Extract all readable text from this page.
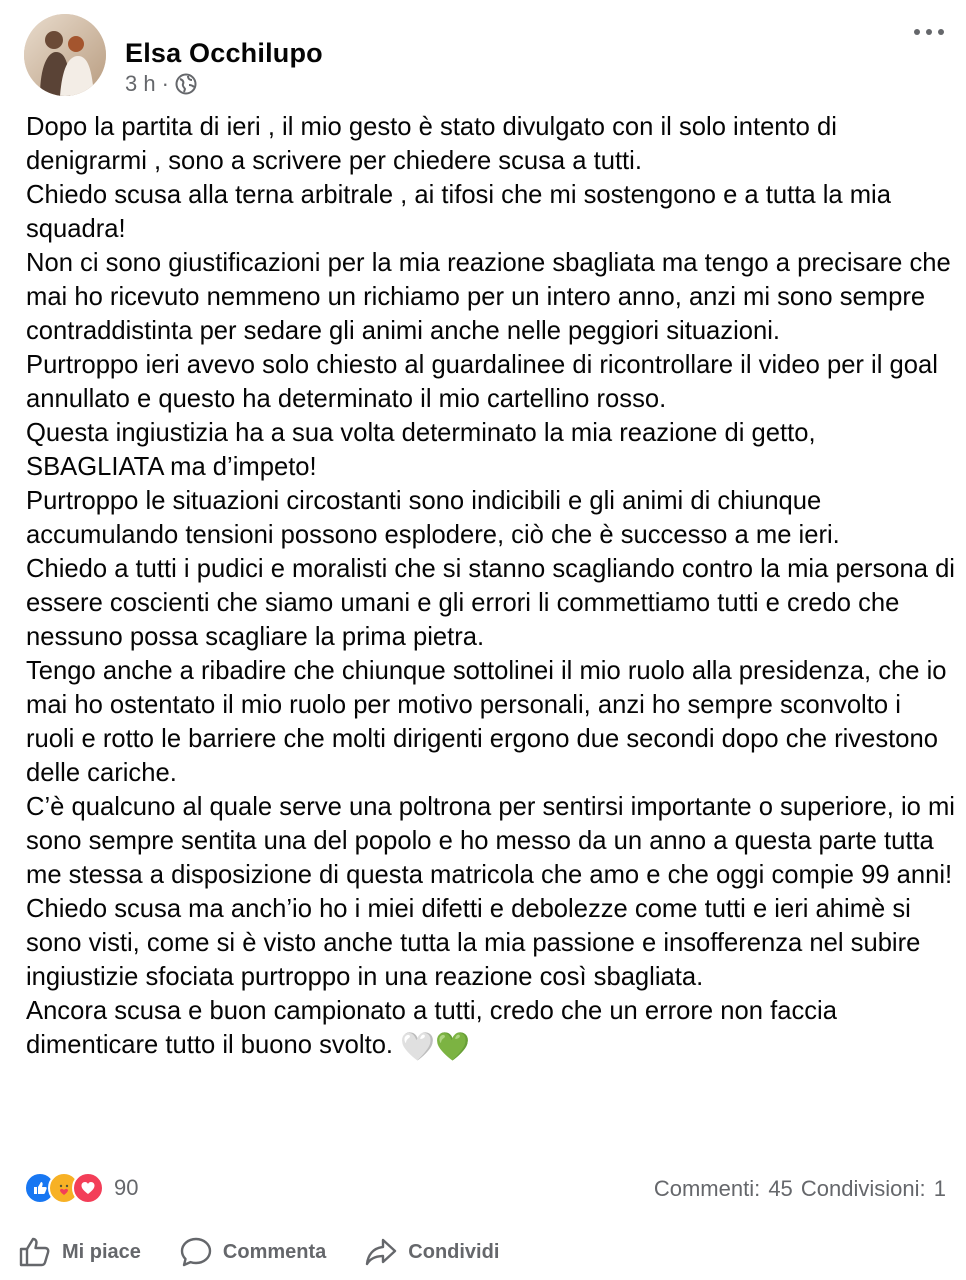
Elsa Occhilupo
3 h ·

Dopo la partita di ieri , il mio gesto è stato divulgato con il solo intento di denigrarmi , sono a scrivere per chiedere scusa a tutti.

Chiedo scusa alla terna arbitrale , ai tifosi che mi sostengono e a tutta la mia squadra!

Non ci sono giustificazioni per la mia reazione sbagliata ma tengo a precisare che mai ho ricevuto nemmeno un richiamo per un intero anno, anzi mi sono sempre contraddistinta per sedare gli animi anche nelle peggiori situazioni.

Purtroppo ieri avevo solo chiesto al guardalinee di ricontrollare il video per il goal annullato e questo ha determinato il mio cartellino rosso.

Questa ingiustizia ha a sua volta determinato la mia reazione di getto, SBAGLIATA ma d’impeto!

Purtroppo le situazioni circostanti sono indicibili e gli animi di chiunque accumulando tensioni possono esplodere, ciò che è successo a me ieri.

Chiedo a tutti i pudici e moralisti che si stanno scagliando contro la mia persona di essere coscienti che siamo umani e gli errori li commettiamo tutti e credo che nessuno possa scagliare la prima pietra.

Tengo anche a ribadire che chiunque sottolinei il mio ruolo alla presidenza, che io mai ho ostentato il mio ruolo per motivo personali, anzi ho sempre sconvolto i ruoli e rotto le barriere che molti dirigenti ergono due secondi dopo che rivestono delle cariche.

C’è qualcuno al quale serve una poltrona per sentirsi importante o superiore, io mi sono sempre sentita una del popolo e ho messo da un anno a questa parte tutta me stessa a disposizione di questa matricola che amo e che oggi compie 99 anni!

Chiedo scusa ma anch’io ho i miei difetti e debolezze come tutti e ieri ahimè si sono visti, come si è visto anche tutta la mia passione e insofferenza nel subire ingiustizie sfociata purtroppo in una reazione così sbagliata.

Ancora scusa e buon campionato a tutti, credo che un errore non faccia dimenticare tutto il buono svolto. 🤍💚

90	Commenti: 45 Condivisioni: 1
Mi piace	Commenta	Condividi
